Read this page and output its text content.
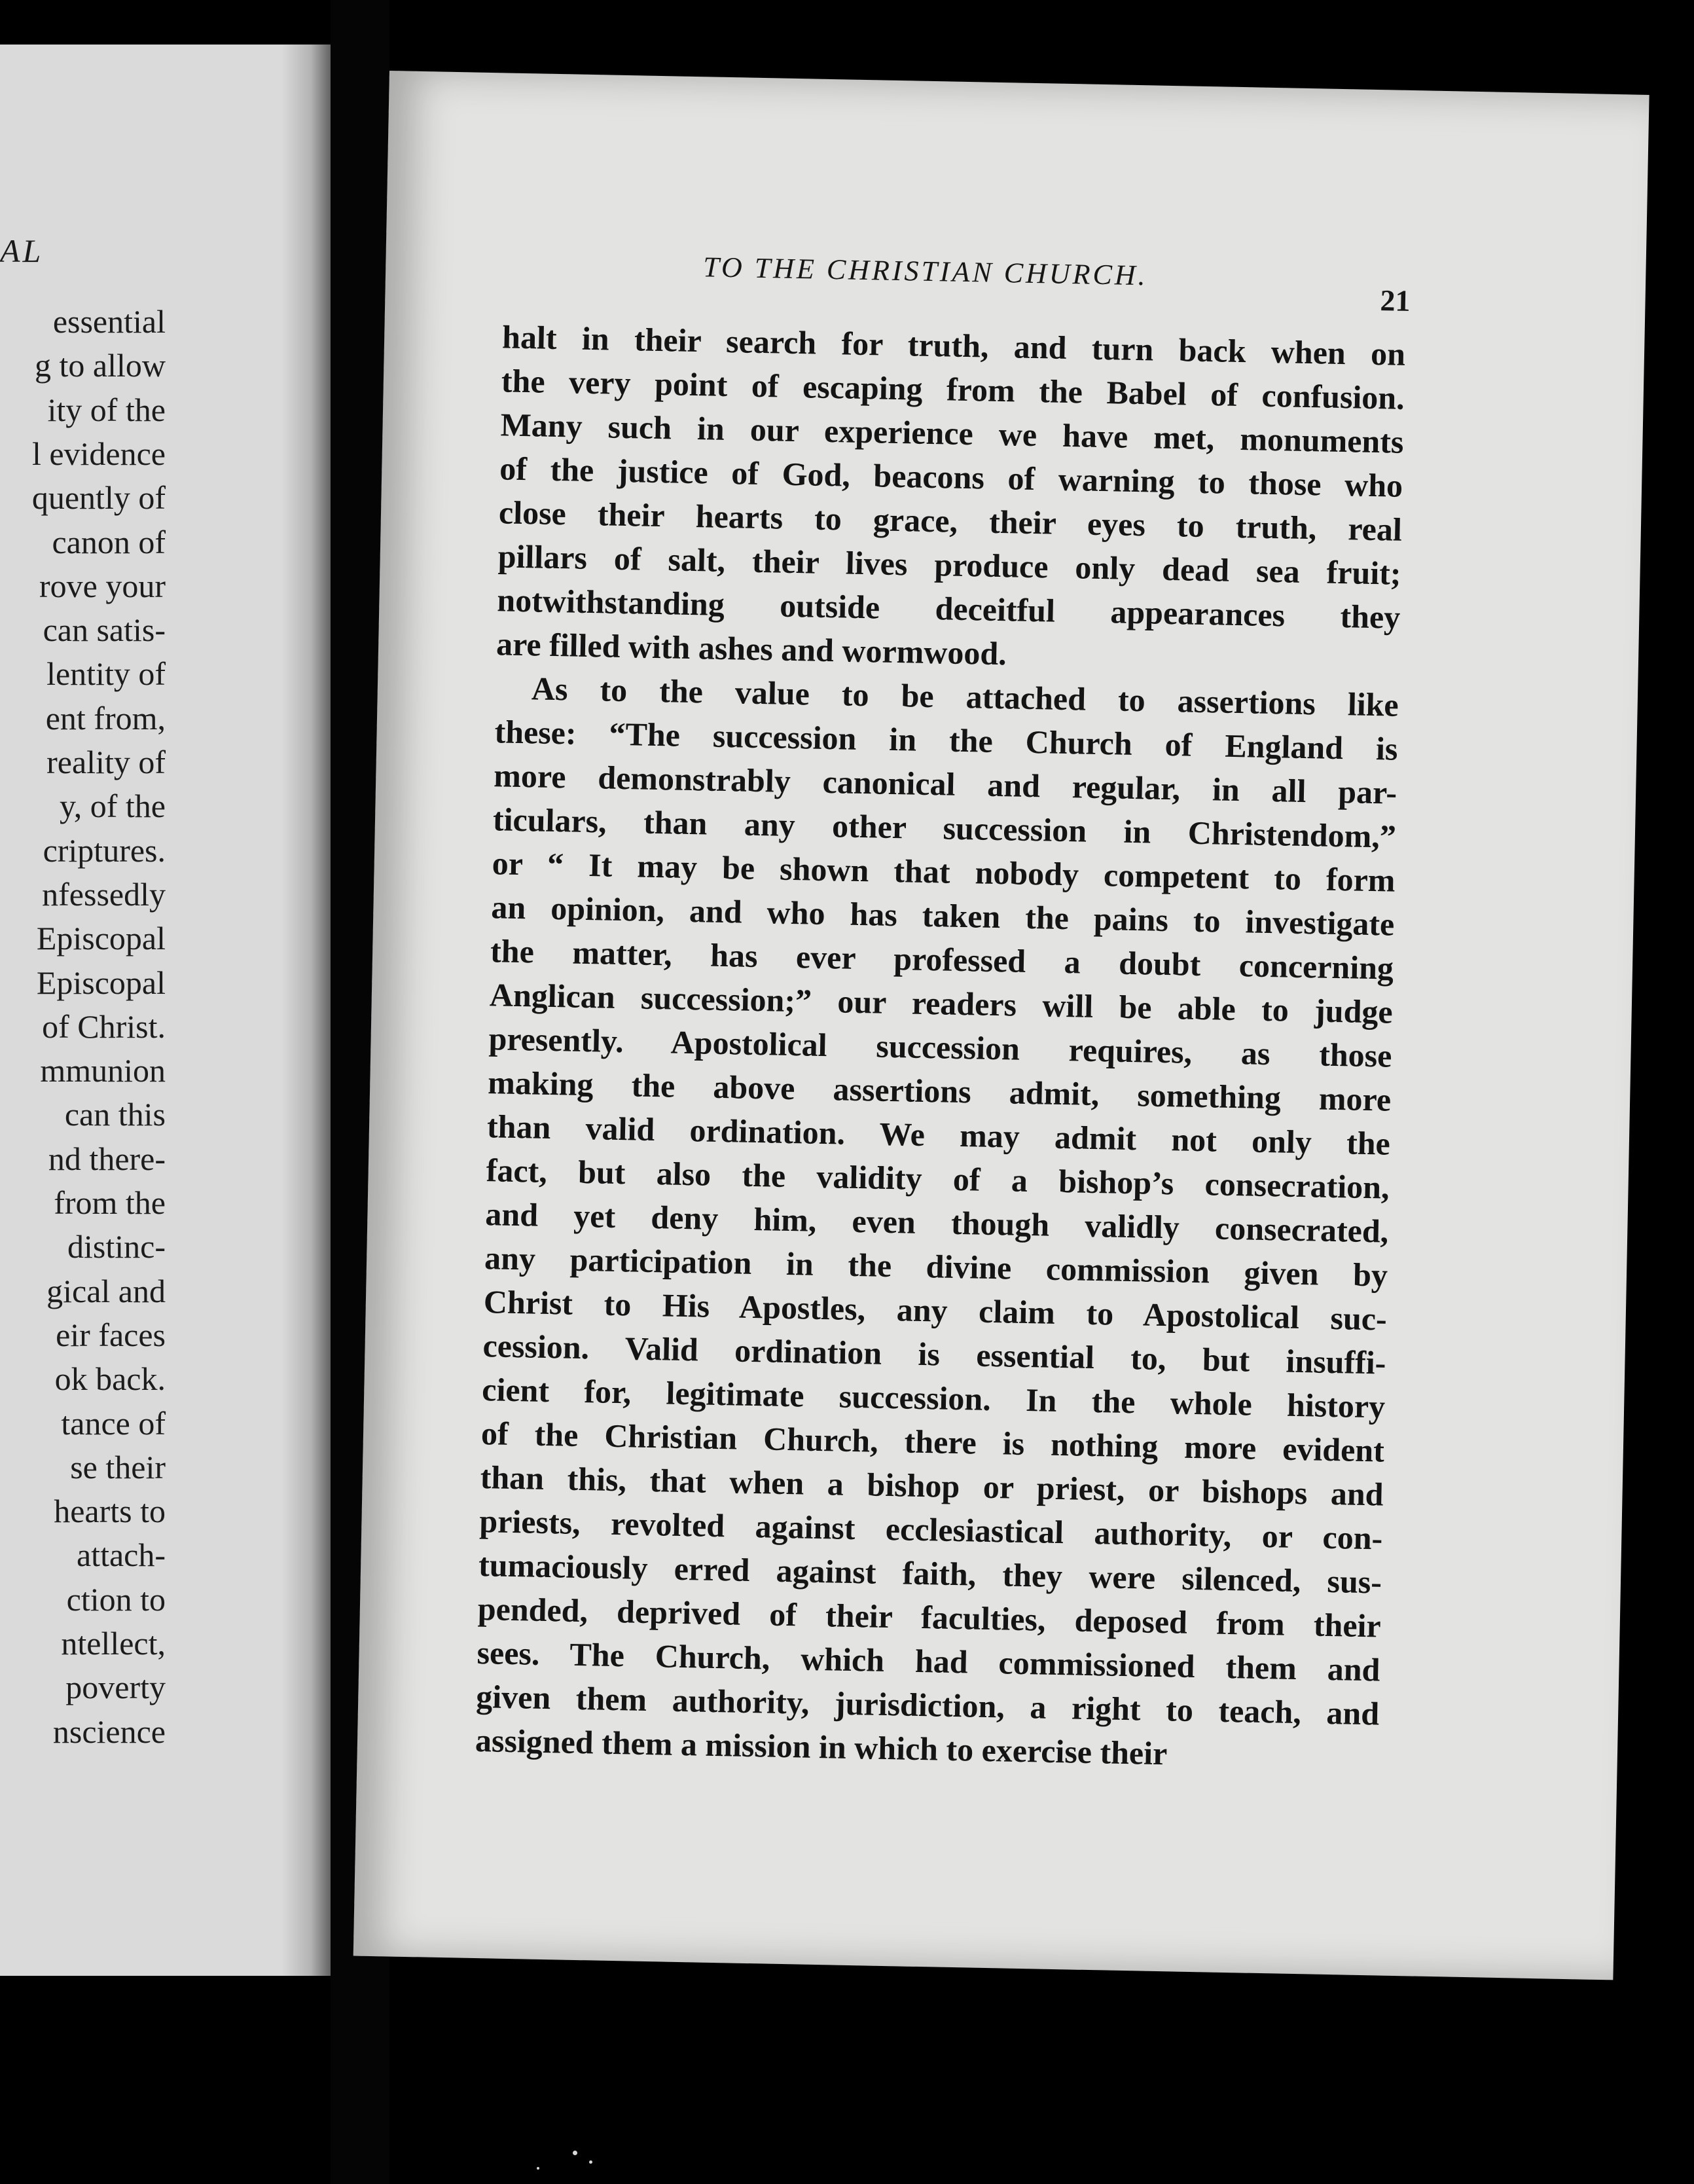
AL
essential
g to allow
ity of the
l evidence
quently of
canon of
rove your
can satis-
lentity of
ent from,
reality of
y, of the
criptures.
nfessedly
Episcopal
Episcopal
of Christ.
mmunion
can this
nd there-
from the
distinc-
gical and
eir faces
ok back.
tance of
se their
hearts to
attach-
ction to
ntellect,
poverty
nscience
TO THE CHRISTIAN CHURCH.
21
halt in their search for truth, and turn back when on
the very point of escaping from the Babel of confusion.
Many such in our experience we have met, monuments
of the justice of God, beacons of warning to those who
close their hearts to grace, their eyes to truth, real
pillars of salt, their lives produce only dead sea fruit;
notwithstanding outside deceitful appearances they
are filled with ashes and wormwood.
As to the value to be attached to assertions like
these: “The succession in the Church of England is
more demonstrably canonical and regular, in all par-
ticulars, than any other succession in Christendom,”
or “ It may be shown that nobody competent to form
an opinion, and who has taken the pains to investigate
the matter, has ever professed a doubt concerning
Anglican succession;” our readers will be able to judge
presently. Apostolical succession requires, as those
making the above assertions admit, something more
than valid ordination. We may admit not only the
fact, but also the validity of a bishop’s consecration,
and yet deny him, even though validly consecrated,
any participation in the divine commission given by
Christ to His Apostles, any claim to Apostolical suc-
cession. Valid ordination is essential to, but insuffi-
cient for, legitimate succession. In the whole history
of the Christian Church, there is nothing more evident
than this, that when a bishop or priest, or bishops and
priests, revolted against ecclesiastical authority, or con-
tumaciously erred against faith, they were silenced, sus-
pended, deprived of their faculties, deposed from their
sees. The Church, which had commissioned them and
given them authority, jurisdiction, a right to teach, and
assigned them a mission in which to exercise their
